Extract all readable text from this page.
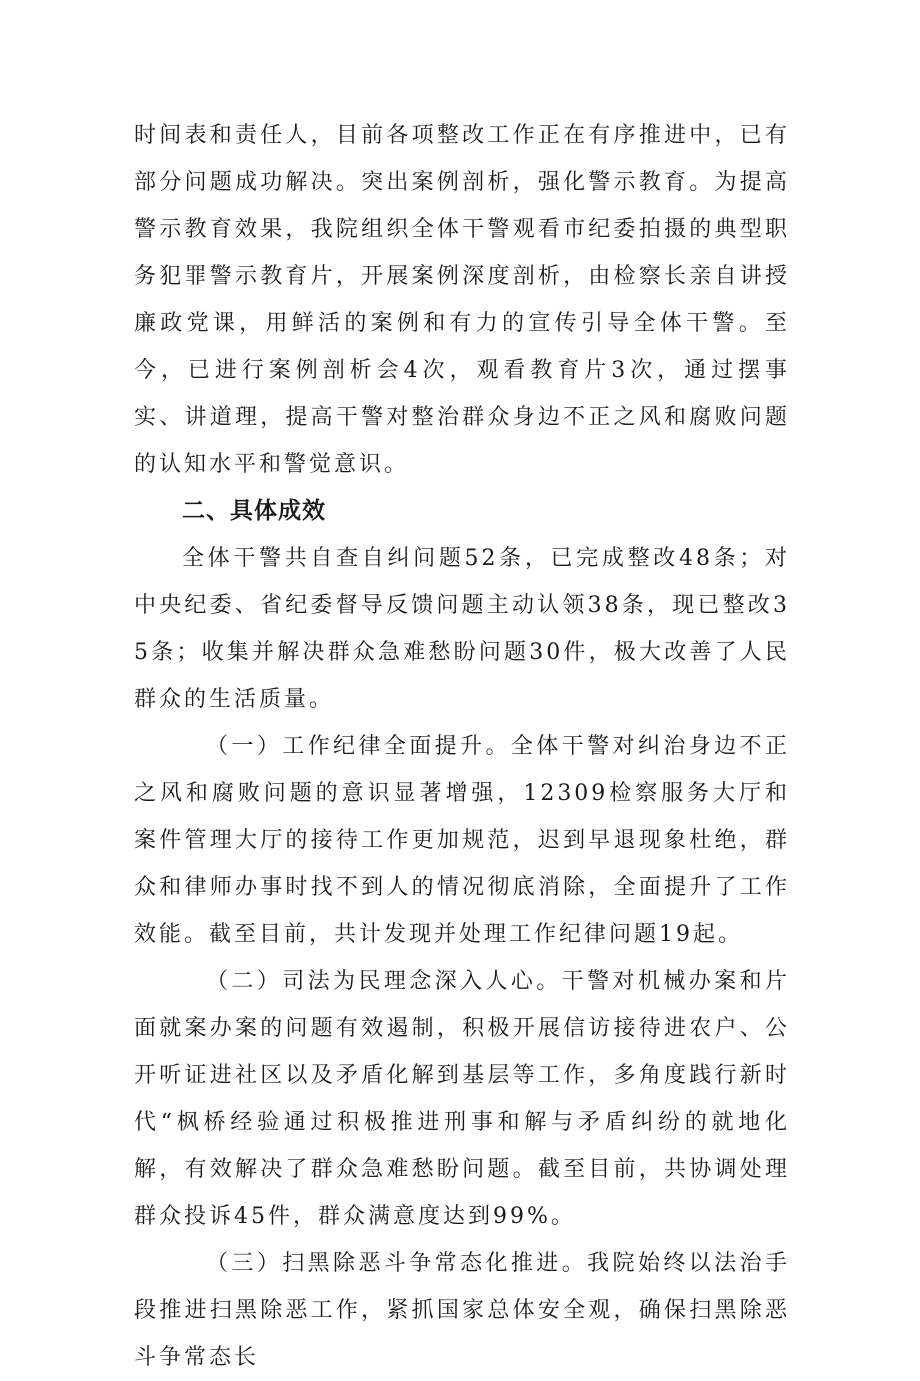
时间表和责任人，目前各项整改工作正在有序推进中，已有部分问题成功解决。突出案例剖析，强化警示教育。为提高警示教育效果，我院组织全体干警观看市纪委拍摄的典型职务犯罪警示教育片，开展案例深度剖析，由检察长亲自讲授廉政党课，用鲜活的案例和有力的宣传引导全体干警。至今，已进行案例剖析会4次，观看教育片3次，通过摆事实、讲道理，提高干警对整治群众身边不正之风和腐败问题的认知水平和警觉意识。

二、具体成效

全体干警共自查自纠问题52条，已完成整改48条；对中央纪委、省纪委督导反馈问题主动认领38条，现已整改35条；收集并解决群众急难愁盼问题30件，极大改善了人民群众的生活质量。

（一）工作纪律全面提升。全体干警对纠治身边不正之风和腐败问题的意识显著增强，12309检察服务大厅和案件管理大厅的接待工作更加规范，迟到早退现象杜绝，群众和律师办事时找不到人的情况彻底消除，全面提升了工作效能。截至目前，共计发现并处理工作纪律问题19起。

（二）司法为民理念深入人心。干警对机械办案和片面就案办案的问题有效遏制，积极开展信访接待进农户、公开听证进社区以及矛盾化解到基层等工作，多角度践行新时代“枫桥经验通过积极推进刑事和解与矛盾纠纷的就地化解，有效解决了群众急难愁盼问题。截至目前，共协调处理群众投诉45件，群众满意度达到99%。

（三）扫黑除恶斗争常态化推进。我院始终以法治手段推进扫黑除恶工作，紧抓国家总体安全观，确保扫黑除恶斗争常态长
